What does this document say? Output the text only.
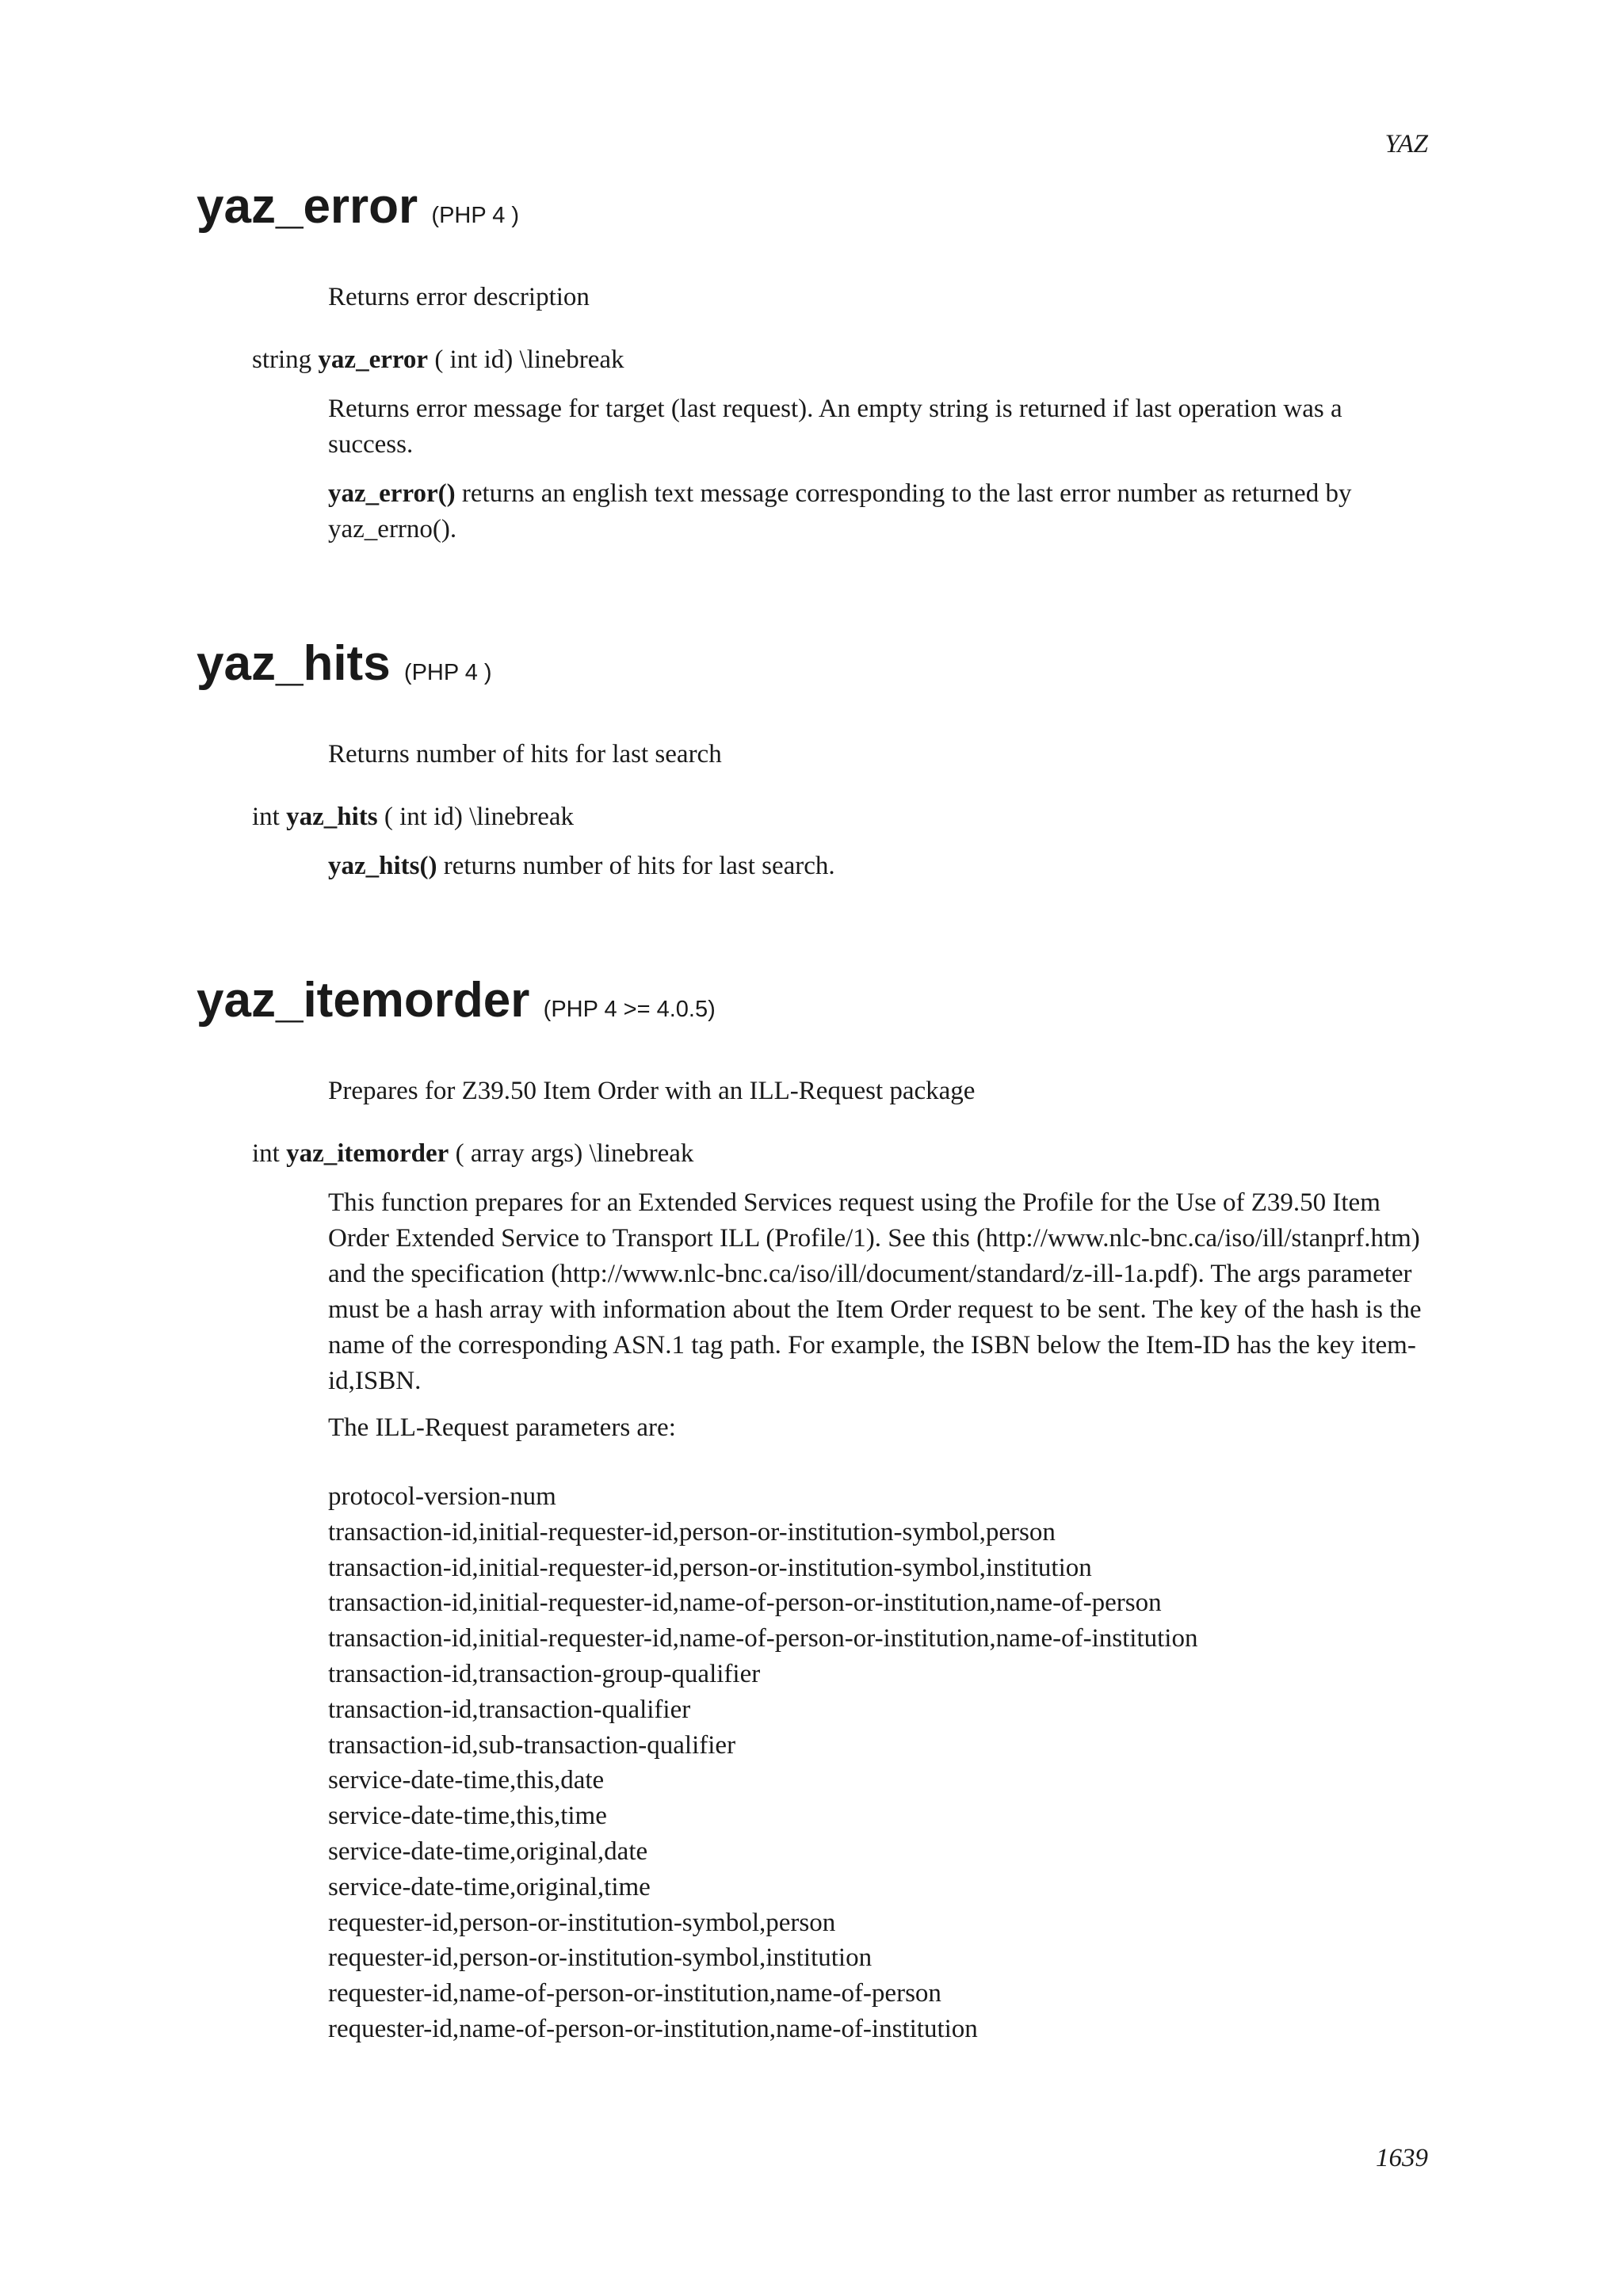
YAZ

yaz_error (PHP 4 )

Returns error description

string yaz_error ( int id) \linebreak

Returns error message for target (last request). An empty string is returned if last operation was a success.

yaz_error() returns an english text message corresponding to the last error number as returned by yaz_errno().

yaz_hits (PHP 4 )

Returns number of hits for last search

int yaz_hits ( int id) \linebreak

yaz_hits() returns number of hits for last search.

yaz_itemorder (PHP 4 >= 4.0.5)

Prepares for Z39.50 Item Order with an ILL-Request package

int yaz_itemorder ( array args) \linebreak

This function prepares for an Extended Services request using the Profile for the Use of Z39.50 Item Order Extended Service to Transport ILL (Profile/1). See this (http://www.nlc-bnc.ca/iso/ill/stanprf.htm) and the specification (http://www.nlc-bnc.ca/iso/ill/document/standard/z-ill-1a.pdf). The args parameter must be a hash array with information about the Item Order request to be sent. The key of the hash is the name of the corresponding ASN.1 tag path. For example, the ISBN below the Item-ID has the key item-id,ISBN.

The ILL-Request parameters are:

protocol-version-num
transaction-id,initial-requester-id,person-or-institution-symbol,person
transaction-id,initial-requester-id,person-or-institution-symbol,institution
transaction-id,initial-requester-id,name-of-person-or-institution,name-of-person
transaction-id,initial-requester-id,name-of-person-or-institution,name-of-institution
transaction-id,transaction-group-qualifier
transaction-id,transaction-qualifier
transaction-id,sub-transaction-qualifier
service-date-time,this,date
service-date-time,this,time
service-date-time,original,date
service-date-time,original,time
requester-id,person-or-institution-symbol,person
requester-id,person-or-institution-symbol,institution
requester-id,name-of-person-or-institution,name-of-person
requester-id,name-of-person-or-institution,name-of-institution

1639
